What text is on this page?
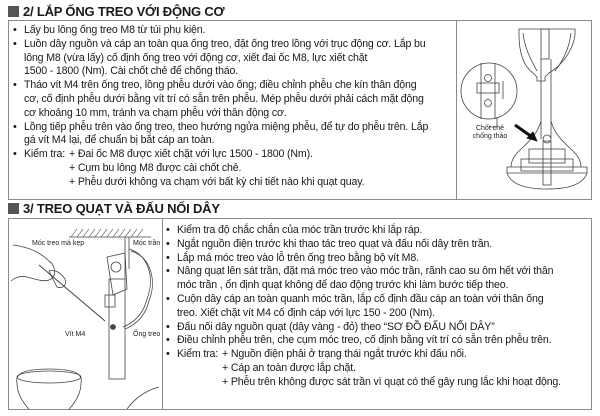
2/ LẮP ỐNG TREO VỚI ĐỘNG CƠ
• Lấy bu lông ống treo M8 từ túi phụ kiện.
• Luồn dây nguồn và cáp an toàn qua ống treo, đặt ống treo lồng với trục động cơ. Lắp bu
lông M8 (vừa lấy) cố định ống treo với động cơ, xiết đai ốc M8, lực xiết chặt
1500 - 1800 (Nm). Cài chốt chẻ để chống tháo.
• Tháo vít M4 trên ống treo, lồng phễu dưới vào ống; điều chỉnh phễu che kín thân động
cơ, cố định phễu dưới bằng vít trí có sẵn trên phễu. Mép phễu dưới phải cách mặt động
cơ khoảng 10 mm, tránh va chạm phễu với thân động cơ.
• Lồng tiếp phễu trên vào ống treo, theo hướng ngửa miệng phễu, để tự do phễu trên. Lắp
gá vít M4 lại, để chuẩn bị bắt cáp an toàn.
• Kiểm tra: + Đai ốc M8 được xiết chặt với lực 1500 - 1800 (Nm).
+ Cụm bu lông M8 được cài chốt chẻ.
+ Phễu dưới không va chạm với bất kỳ chi tiết nào khi quạt quay.
Chốt chẻ
chống tháo
3/ TREO QUẠT VÀ ĐẤU NỐI DÂY
Móc treo má kẹp	Móc trần
Vít M4	Ống treo
• Kiểm tra độ chắc chắn của móc trần trước khi lắp ráp.
• Ngắt nguồn điện trước khi thao tác treo quạt và đấu nối dây trên trần.
• Lắp má móc treo vào lỗ trên ống treo bằng bộ vít M8.
• Nâng quạt lên sát trần, đặt má móc treo vào móc trần, rãnh cao su ôm hết với thân
móc trần , ổn định quạt không để dao động trước khi làm bước tiếp theo.
• Cuộn dây cáp an toàn quanh móc trần, lắp cố định đầu cáp an toàn với thân ống
treo. Xiết chặt vít M4 cố định cáp với lực 150 - 200 (Nm).
• Đấu nối dây nguồn quạt (dây vàng - đỏ) theo “SƠ ĐỒ ĐẤU NỐI DÂY”
• Điều chỉnh phễu trên, che cụm móc treo, cố định bằng vít trí có sẵn trên phễu trên.
• Kiểm tra: + Nguồn điện phải ở trạng thái ngắt trước khi đấu nối.
+ Cáp an toàn được lắp chặt.
+ Phễu trên không được sát trần vì quạt có thể gây rung lắc khi hoạt động.
